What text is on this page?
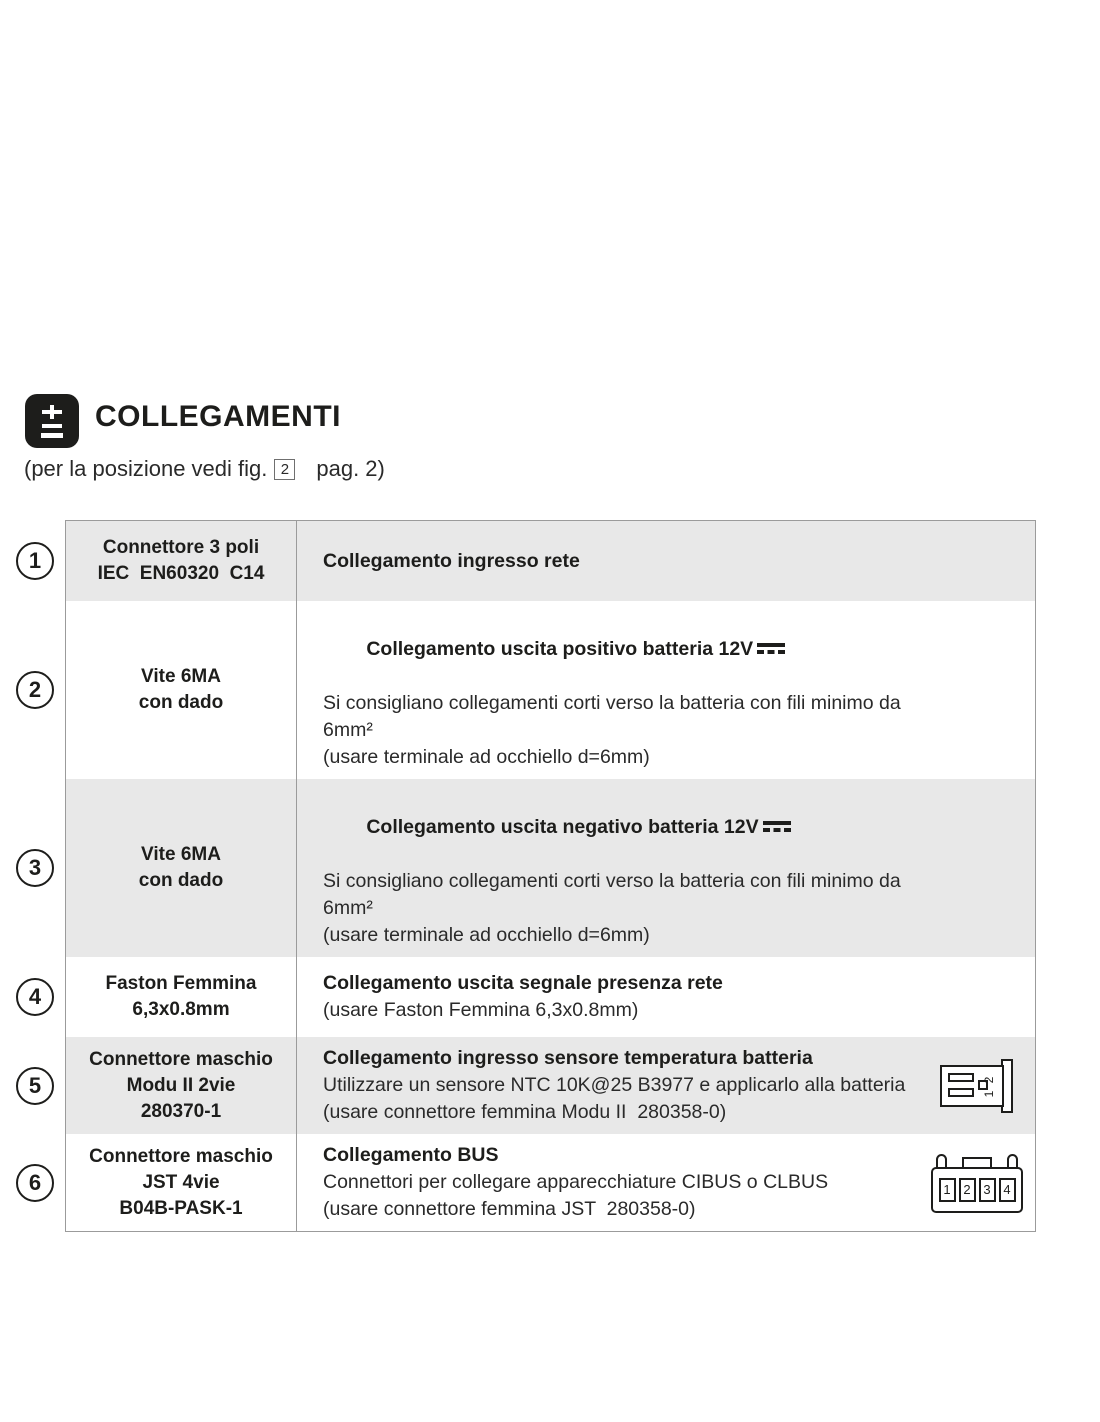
COLLEGAMENTI
(per la posizione vedi fig. 2 pag. 2)
1
Connettore 3 poli
IEC  EN60320  C14
Collegamento ingresso rete
2
Vite 6MA
con dado

Collegamento uscita positivo batteria 12V

Si consigliano collegamenti corti verso la batteria con fili minimo da 6mm²
(usare terminale ad occhiello d=6mm)
3
Vite 6MA
con dado

Collegamento uscita negativo batteria 12V

Si consigliano collegamenti corti verso la batteria con fili minimo da 6mm²
(usare terminale ad occhiello d=6mm)
4
Faston Femmina
6,3x0.8mm
Collegamento uscita segnale presenza rete
(usare Faston Femmina 6,3x0.8mm)
5
Connettore maschio
Modu II 2vie
280370-1
Collegamento ingresso sensore temperatura batteria
Utilizzare un sensore NTC 10K@25 B3977 e applicarlo alla batteria
(usare connettore femmina Modu II  280358-0)
1 2
6
Connettore maschio
JST 4vie
B04B-PASK-1
Collegamento BUS
Connettori per collegare apparecchiature CIBUS o CLBUS
(usare connettore femmina JST  280358-0)
1 2 3 4
